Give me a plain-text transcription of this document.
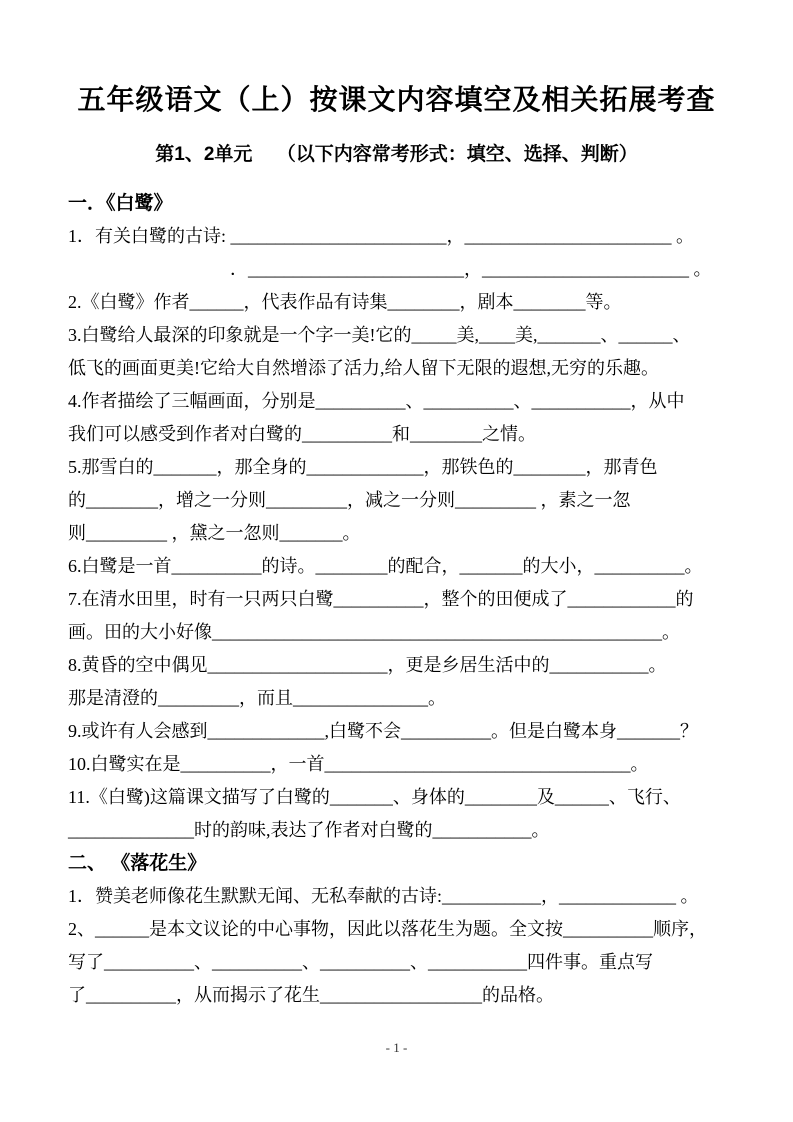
五年级语文（上）按课文内容填空及相关拓展考查
第1、2单元　 （以下内容常考形式：填空、选择、判断）
一．《白鹭》
1．有关白鹭的古诗: ________________________，_______________________ 。
　　　　　　　　　．________________________，_______________________ 。
2.《白鹭》作者______，代表作品有诗集________，剧本________等。
3.白鹭给人最深的印象就是一个字一美!它的_____美,____美,_______、______、
低飞的画面更美!它给大自然增添了活力,给人留下无限的遐想,无穷的乐趣。
4.作者描绘了三幅画面，分别是__________、__________、___________，从中
我们可以感受到作者对白鹭的__________和________之情。
5.那雪白的_______，那全身的_____________，那铁色的________，那青色
的________，增之一分则_________，减之一分则_________ ，素之一忽
则_________ ，黛之一忽则_______。
6.白鹭是一首__________的诗。________的配合，_______的大小，__________。
7.在清水田里，时有一只两只白鹭__________，整个的田便成了____________的
画。田的大小好像__________________________________________________。
8.黄昏的空中偶见____________________，更是乡居生活中的___________。
那是清澄的_________，而且_______________。
9.或许有人会感到_____________,白鹭不会__________。但是白鹭本身_______？
10.白鹭实在是__________，一首__________________________________。
11.《白鹭)这篇课文描写了白鹭的_______、身体的________及______、飞行、
______________时的韵味,表达了作者对白鹭的___________。
二、 《落花生》
1．赞美老师像花生默默无闻、无私奉献的古诗:___________，_____________ 。
2、______是本文议论的中心事物，因此以落花生为题。全文按__________顺序，
写了__________、__________、__________、___________四件事。重点写
了__________，从而揭示了花生__________________的品格。
- 1 -
